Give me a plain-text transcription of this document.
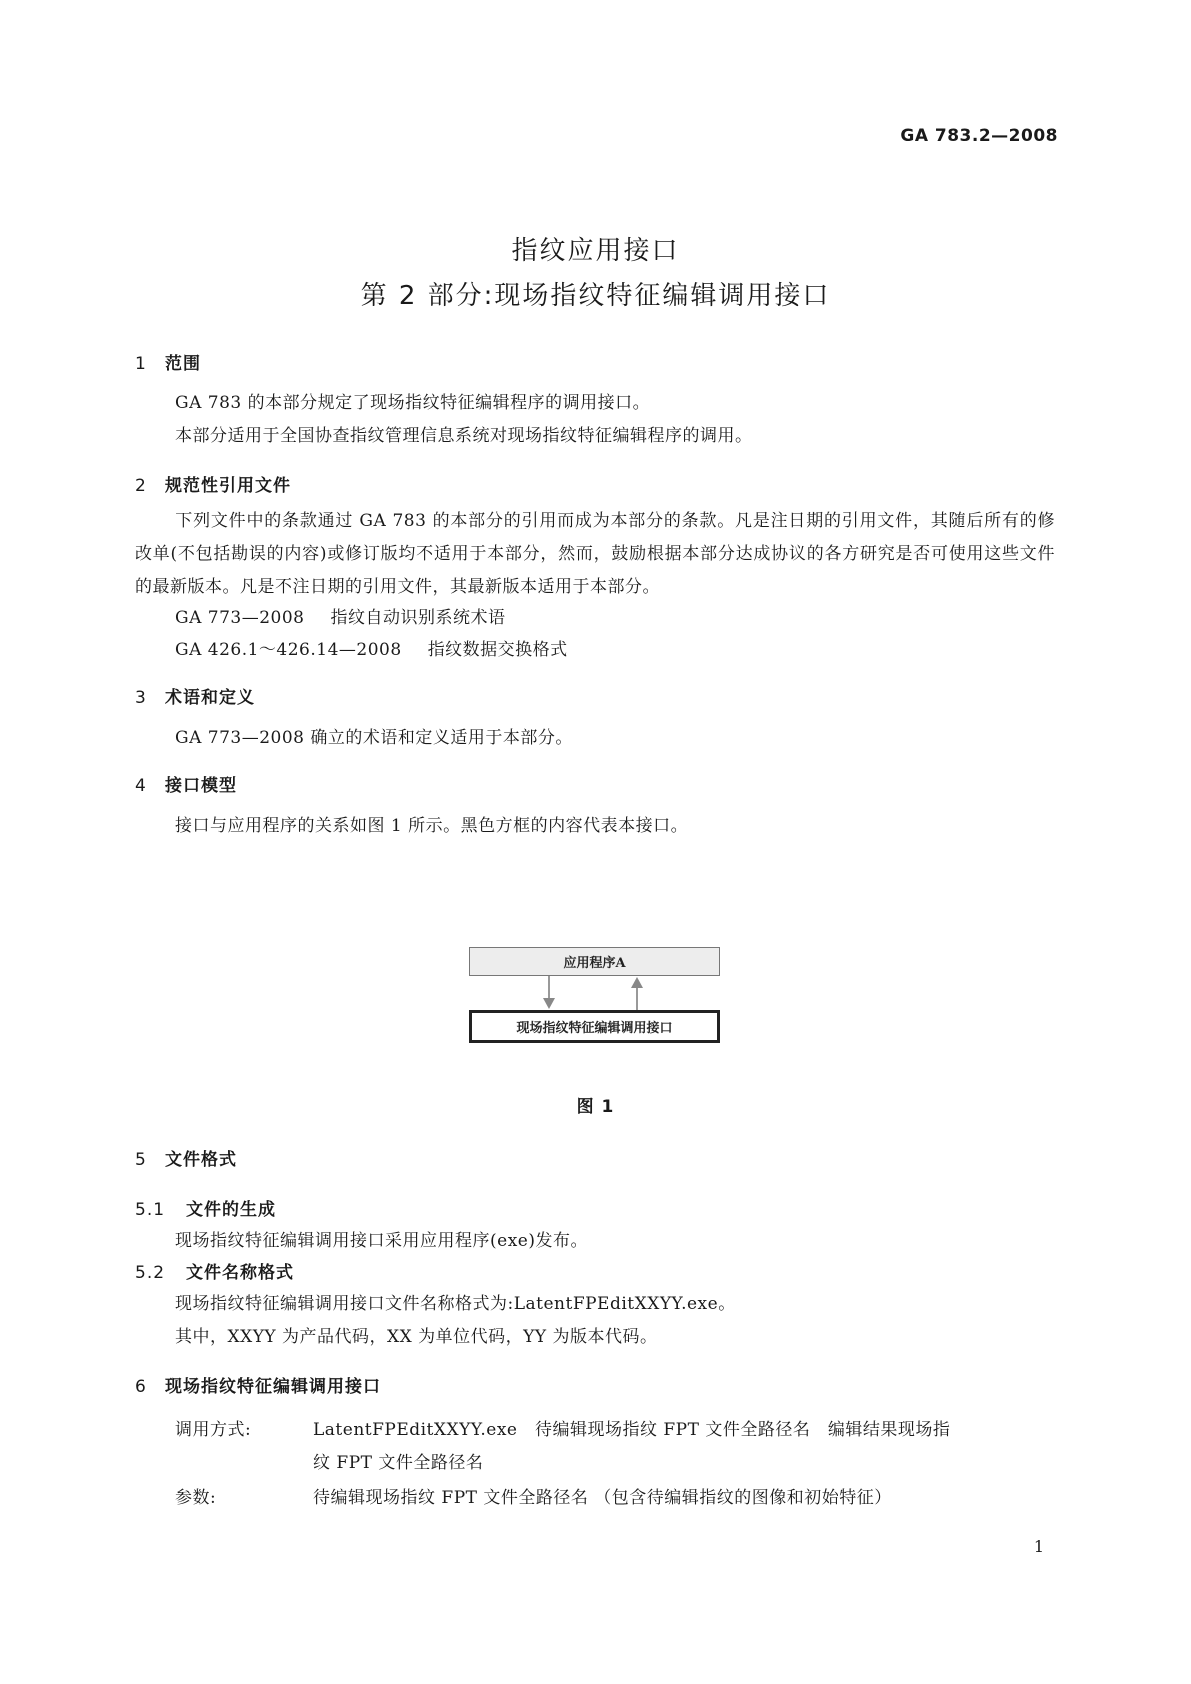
GA 783.2—2008
指纹应用接口
第 2 部分:现场指纹特征编辑调用接口
1 范围
GA 783 的本部分规定了现场指纹特征编辑程序的调用接口。
本部分适用于全国协查指纹管理信息系统对现场指纹特征编辑程序的调用。
2 规范性引用文件
下列文件中的条款通过 GA 783 的本部分的引用而成为本部分的条款。凡是注日期的引用文件，其随后所有的修改单(不包括勘误的内容)或修订版均不适用于本部分，然而，鼓励根据本部分达成协议的各方研究是否可使用这些文件的最新版本。凡是不注日期的引用文件，其最新版本适用于本部分。
GA 773—2008 指纹自动识别系统术语
GA 426.1～426.14—2008 指纹数据交换格式
3 术语和定义
GA 773—2008 确立的术语和定义适用于本部分。
4 接口模型
接口与应用程序的关系如图 1 所示。黑色方框的内容代表本接口。
应用程序A
现场指纹特征编辑调用接口
图 1
5 文件格式
5.1 文件的生成
现场指纹特征编辑调用接口采用应用程序(exe)发布。
5.2 文件名称格式
现场指纹特征编辑调用接口文件名称格式为:LatentFPEditXXYY.exe。
其中，XXYY 为产品代码，XX 为单位代码，YY 为版本代码。
6 现场指纹特征编辑调用接口
调用方式:	LatentFPEditXXYY.exe　待编辑现场指纹 FPT 文件全路径名　编辑结果现场指
纹 FPT 文件全路径名
参数:	待编辑现场指纹 FPT 文件全路径名 （包含待编辑指纹的图像和初始特征）
1
